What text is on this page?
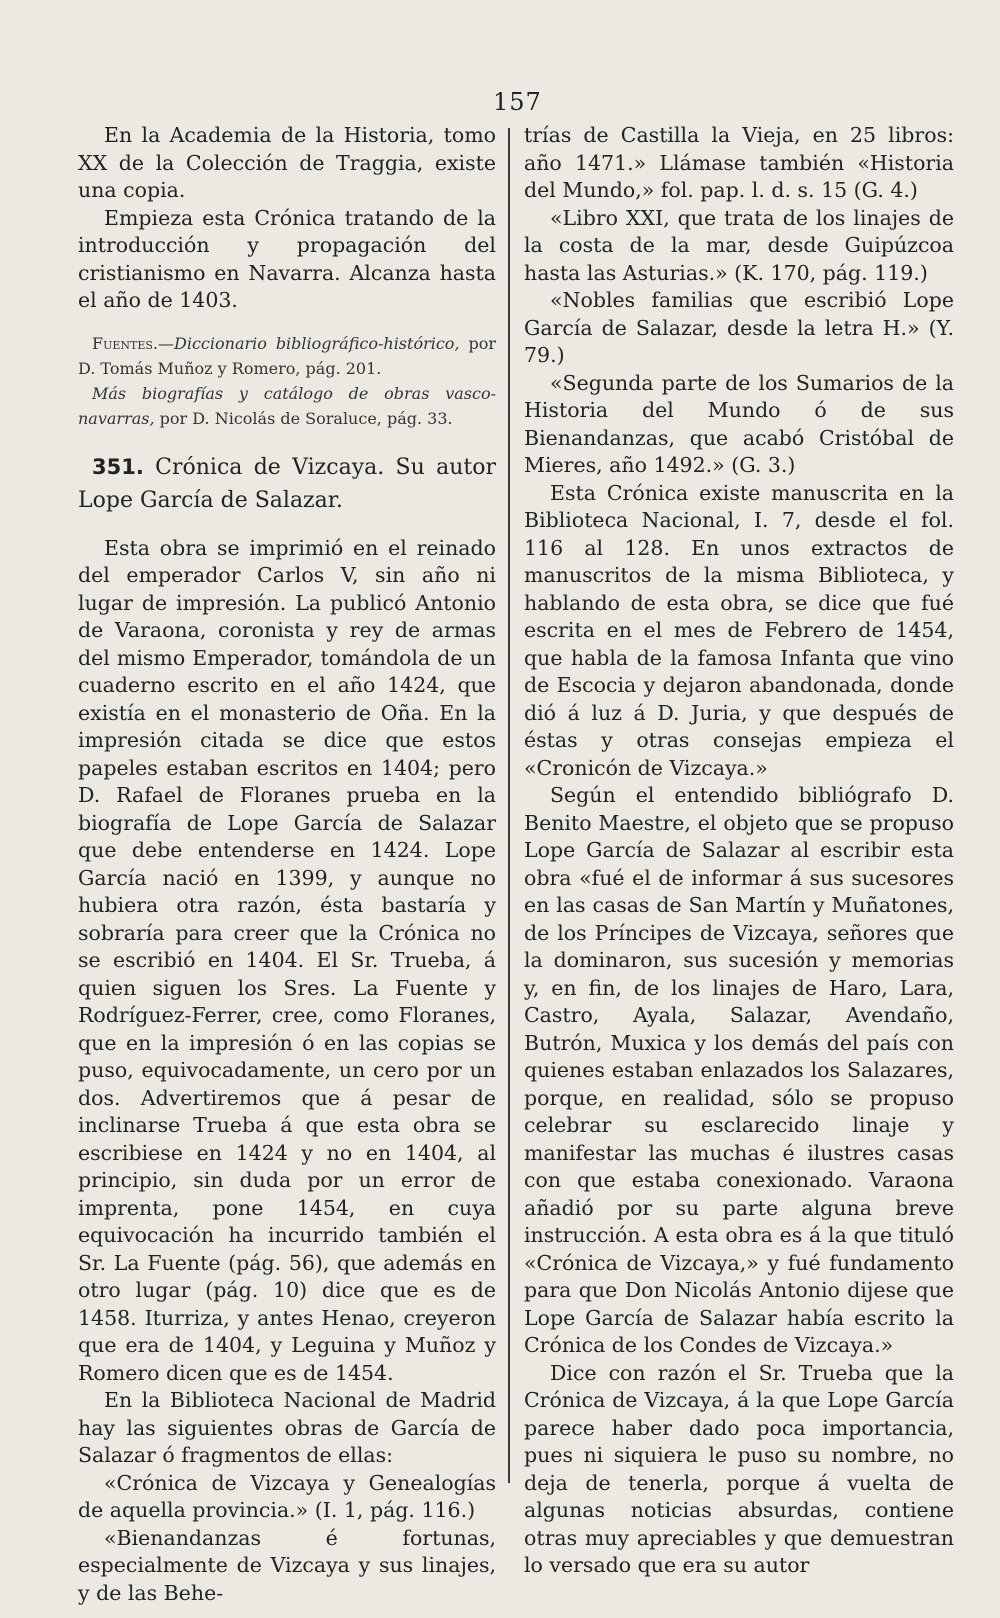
157

En la Academia de la Historia, tomo XX de la Colección de Traggia, existe una copia.

Empieza esta Crónica tratando de la introducción y propagación del cristianismo en Navarra. Alcanza hasta el año de 1403.

Fuentes.—Diccionario bibliográfico-histórico, por D. Tomás Muñoz y Romero, pág. 201.
Más biografías y catálogo de obras vasco-navarras, por D. Nicolás de Soraluce, pág. 33.
351. Crónica de Vizcaya. Su autor Lope García de Salazar.

Esta obra se imprimió en el reinado del emperador Carlos V, sin año ni lugar de impresión. La publicó Antonio de Varaona, coronista y rey de armas del mismo Emperador, tomándola de un cuaderno escrito en el año 1424, que existía en el monasterio de Oña. En la impresión citada se dice que estos papeles estaban escritos en 1404; pero D. Rafael de Floranes prueba en la biografía de Lope García de Salazar que debe entenderse en 1424. Lope García nació en 1399, y aunque no hubiera otra razón, ésta bastaría y sobraría para creer que la Crónica no se escribió en 1404. El Sr. Trueba, á quien siguen los Sres. La Fuente y Rodríguez-Ferrer, cree, como Floranes, que en la impresión ó en las copias se puso, equivocadamente, un cero por un dos. Advertiremos que á pesar de inclinarse Trueba á que esta obra se escribiese en 1424 y no en 1404, al principio, sin duda por un error de imprenta, pone 1454, en cuya equivocación ha incurrido también el Sr. La Fuente (pág. 56), que además en otro lugar (pág. 10) dice que es de 1458. Iturriza, y antes Henao, creyeron que era de 1404, y Leguina y Muñoz y Romero dicen que es de 1454.

En la Biblioteca Nacional de Madrid hay las siguientes obras de García de Salazar ó fragmentos de ellas:

«Crónica de Vizcaya y Genealogías de aquella provincia.» (I. 1, pág. 116.)

«Bienandanzas é fortunas, especialmente de Vizcaya y sus linajes, y de las Behe-

trías de Castilla la Vieja, en 25 libros: año 1471.» Llámase también «Historia del Mundo,» fol. pap. l. d. s. 15 (G. 4.)

«Libro XXI, que trata de los linajes de la costa de la mar, desde Guipúzcoa hasta las Asturias.» (K. 170, pág. 119.)

«Nobles familias que escribió Lope García de Salazar, desde la letra H.» (Y. 79.)

«Segunda parte de los Sumarios de la Historia del Mundo ó de sus Bienandanzas, que acabó Cristóbal de Mieres, año 1492.» (G. 3.)

Esta Crónica existe manuscrita en la Biblioteca Nacional, I. 7, desde el fol. 116 al 128. En unos extractos de manuscritos de la misma Biblioteca, y hablando de esta obra, se dice que fué escrita en el mes de Febrero de 1454, que habla de la famosa Infanta que vino de Escocia y dejaron abandonada, donde dió á luz á D. Juria, y que después de éstas y otras consejas empieza el «Cronicón de Vizcaya.»

Según el entendido bibliógrafo D. Benito Maestre, el objeto que se propuso Lope García de Salazar al escribir esta obra «fué el de informar á sus sucesores en las casas de San Martín y Muñatones, de los Príncipes de Vizcaya, señores que la dominaron, sus sucesión y memorias y, en fin, de los linajes de Haro, Lara, Castro, Ayala, Salazar, Avendaño, Butrón, Muxica y los demás del país con quienes estaban enlazados los Salazares, porque, en realidad, sólo se propuso celebrar su esclarecido linaje y manifestar las muchas é ilustres casas con que estaba conexionado. Varaona añadió por su parte alguna breve instrucción. A esta obra es á la que tituló «Crónica de Vizcaya,» y fué fundamento para que Don Nicolás Antonio dijese que Lope García de Salazar había escrito la Crónica de los Condes de Vizcaya.»

Dice con razón el Sr. Trueba que la Crónica de Vizcaya, á la que Lope García parece haber dado poca importancia, pues ni siquiera le puso su nombre, no deja de tenerla, porque á vuelta de algunas noticias absurdas, contiene otras muy apreciables y que demuestran lo versado que era su autor
